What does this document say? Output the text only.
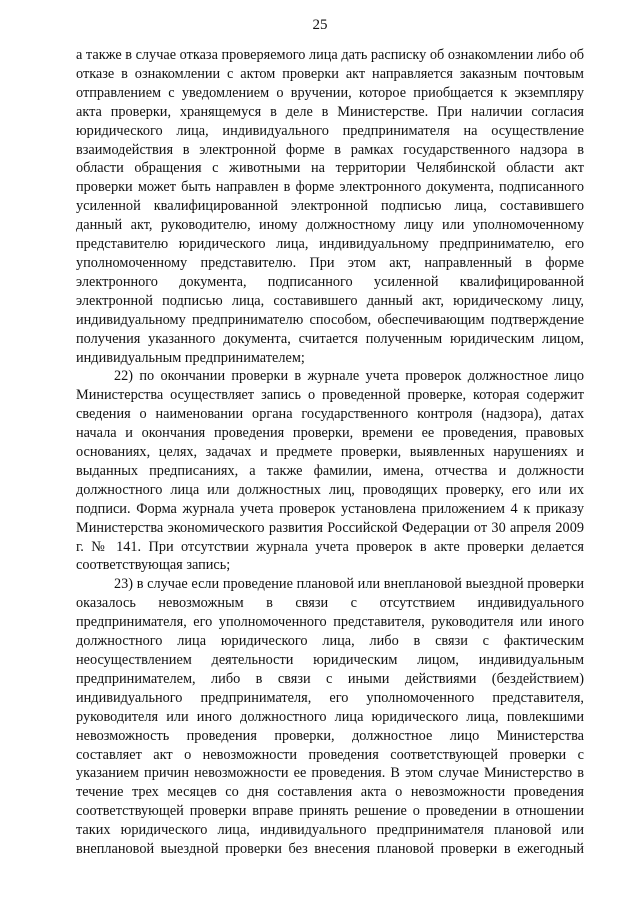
25

а также в случае отказа проверяемого лица дать расписку об ознакомлении либо об отказе в ознакомлении с актом проверки акт направляется заказным почтовым отправлением с уведомлением о вручении, которое приобщается к экземпляру акта проверки, хранящемуся в деле в Министерстве. При наличии согласия юридического лица, индивидуального предпринимателя на осуществление взаимодействия в электронной форме в рамках государственного надзора в области обращения с животными на территории Челябинской области акт проверки может быть направлен в форме электронного документа, подписанного усиленной квалифицированной электронной подписью лица, составившего данный акт, руководителю, иному должностному лицу или уполномоченному представителю юридического лица, индивидуальному предпринимателю, его уполномоченному представителю. При этом акт, направленный в форме электронного документа, подписанного усиленной квалифицированной электронной подписью лица, составившего данный акт, юридическому лицу, индивидуальному предпринимателю способом, обеспечивающим подтверждение получения указанного документа, считается полученным юридическим лицом, индивидуальным предпринимателем;

22) по окончании проверки в журнале учета проверок должностное лицо Министерства осуществляет запись о проведенной проверке, которая содержит сведения о наименовании органа государственного контроля (надзора), датах начала и окончания проведения проверки, времени ее проведения, правовых основаниях, целях, задачах и предмете проверки, выявленных нарушениях и выданных предписаниях, а также фамилии, имена, отчества и должности должностного лица или должностных лиц, проводящих проверку, его или их подписи. Форма журнала учета проверок установлена приложением 4 к приказу Министерства экономического развития Российской Федерации от 30 апреля 2009 г. № 141. При отсутствии журнала учета проверок в акте проверки делается соответствующая запись;

23) в случае если проведение плановой или внеплановой выездной проверки оказалось невозможным в связи с отсутствием индивидуального предпринимателя, его уполномоченного представителя, руководителя или иного должностного лица юридического лица, либо в связи с фактическим неосуществлением деятельности юридическим лицом, индивидуальным предпринимателем, либо в связи с иными действиями (бездействием) индивидуального предпринимателя, его уполномоченного представителя, руководителя или иного должностного лица юридического лица, повлекшими невозможность проведения проверки, должностное лицо Министерства составляет акт о невозможности проведения соответствующей проверки с указанием причин невозможности ее проведения. В этом случае Министерство в течение трех месяцев со дня составления акта о невозможности проведения соответствующей проверки вправе принять решение о проведении в отношении таких юридического лица, индивидуального предпринимателя плановой или внеплановой выездной проверки без внесения плановой проверки в ежегодный
